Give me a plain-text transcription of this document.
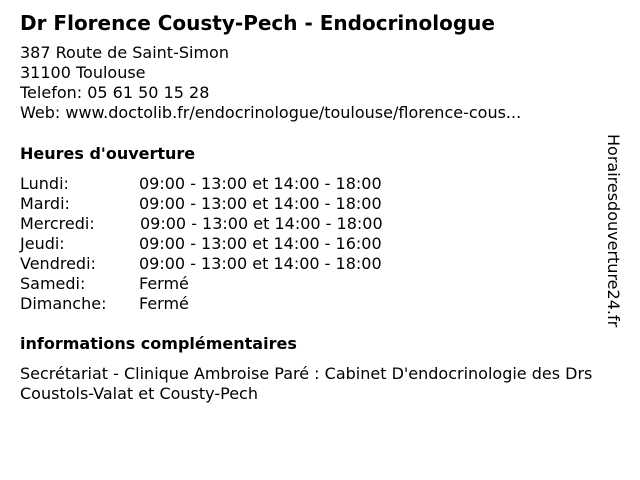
Dr Florence Cousty-Pech - Endocrinologue
387 Route de Saint-Simon
31100 Toulouse
Telefon: 05 61 50 15 28
Web: www.doctolib.fr/endocrinologue/toulouse/florence-cous...
Heures d'ouverture
Lundi:	09:00 - 13:00 et 14:00 - 18:00
Mardi:	09:00 - 13:00 et 14:00 - 18:00
Mercredi:	09:00 - 13:00 et 14:00 - 18:00
Jeudi:	09:00 - 13:00 et 14:00 - 16:00
Vendredi:	09:00 - 13:00 et 14:00 - 18:00
Samedi:	Fermé
Dimanche: Fermé
informations complémentaires
Secrétariat - Clinique Ambroise Paré : Cabinet D'endocrinologie des Drs Coustols-Valat et Cousty-Pech
Horairesdouverture24.fr
